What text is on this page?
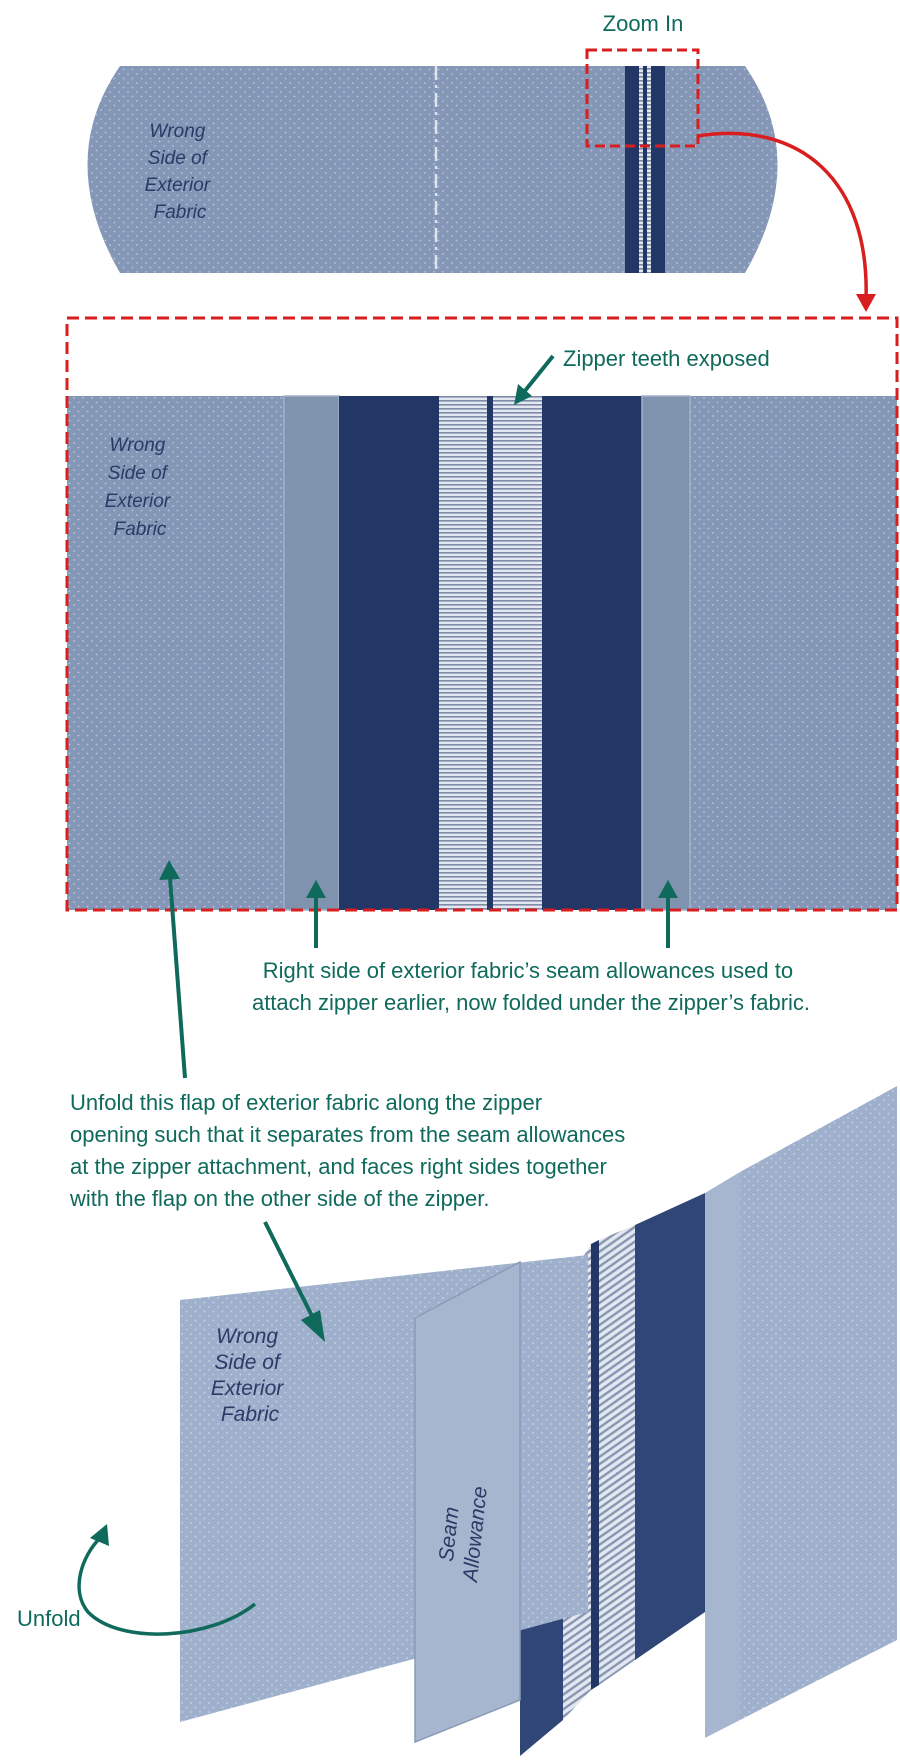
Wrong Side of Exterior Fabric
Zoom In
Wrong Side of Exterior Fabric
Zipper teeth exposed
Right side of exterior fabric’s seam allowances used to attach zipper earlier, now folded under the zipper’s fabric.
Unfold this flap of exterior fabric along the zipper opening such that it separates from the seam allowances at the zipper attachment, and faces right sides together with the flap on the other side of the zipper.
Wrong Side of Exterior Fabric
Seam Allowance
Unfold
